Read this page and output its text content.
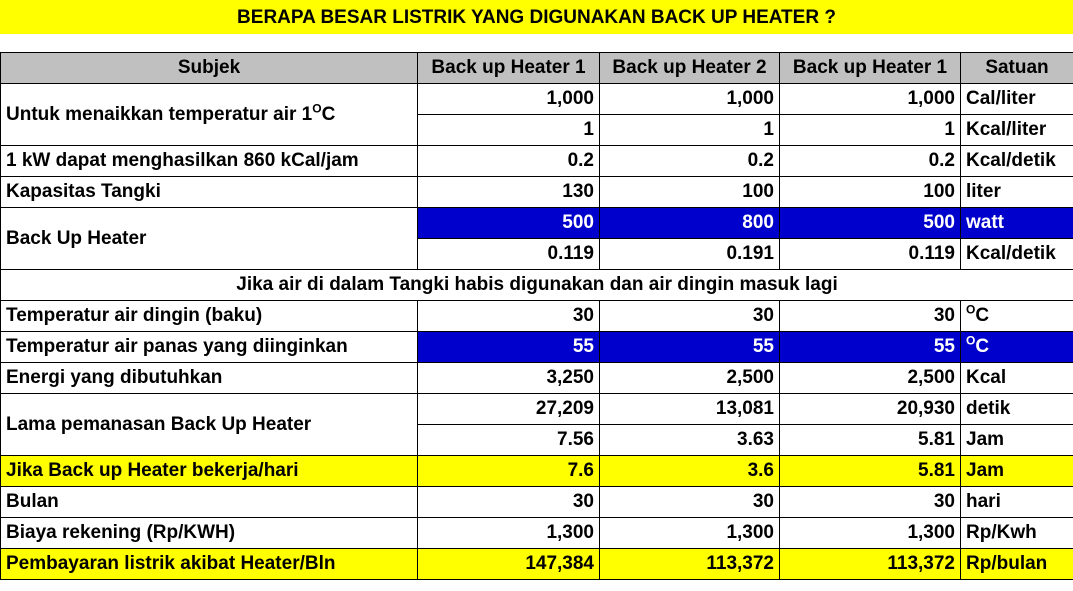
BERAPA BESAR LISTRIK YANG DIGUNAKAN BACK UP HEATER ?
Subjek	Back up Heater 1	Back up Heater 2	Back up Heater 1	Satuan
Untuk menaikkan temperatur air $1^OC$	1,000	1,000	1,000	Cal/liter
	1	1	1	Kcal/liter
1 kW dapat menghasilkan 860 kCal/jam	0.2	0.2	0.2	Kcal/detik
Kapasitas Tangki	130	100	100	liter
Back Up Heater	500	800	500	watt
	0.119	0.191	0.119	Kcal/detik
Jika air di dalam Tangki habis digunakan dan air dingin masuk lagi				
Temperatur air dingin (baku)	30	30	30	$^O$C
Temperatur air panas yang diinginkan	55	55	55	$^O$C
Energi yang dibutuhkan	3,250	2,500	2,500	Kcal
Lama pemanasan Back Up Heater	27,209	13,081	20,930	detik
	7.56	3.63	5.81	Jam
Jika Back up Heater bekerja/hari	7.6	3.6	5.81	Jam
Bulan	30	30	30	hari
Biaya rekening (Rp/KWH)	1,300	1,300	1,300	Rp/Kwh
Pembayaran listrik akibat Heater/Bln	147,384	113,372	113,372	Rp/bulan
